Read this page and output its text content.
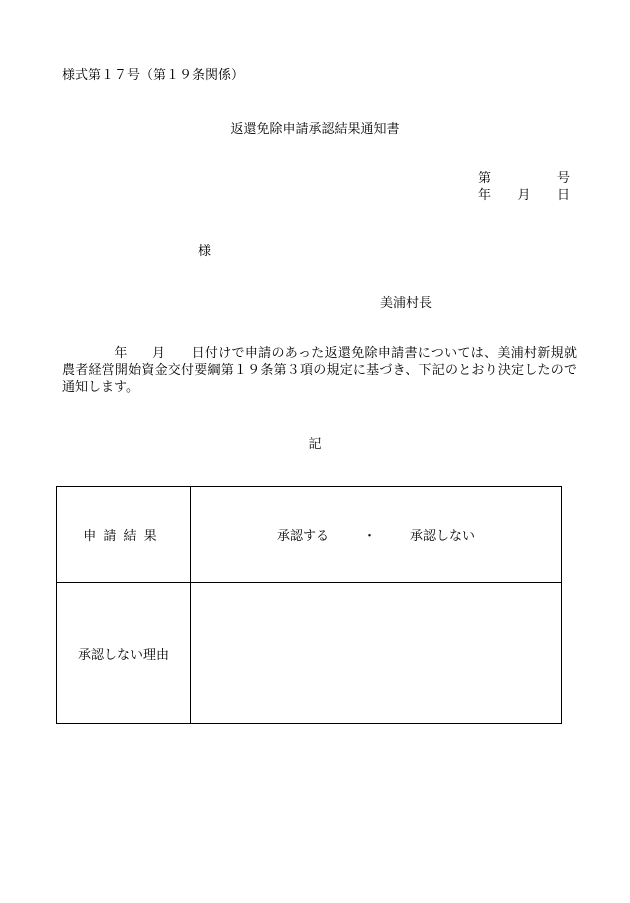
様式第１７号（第１９条関係）
返還免除申請承認結果通知書
第	号
年 月 日
様
美浦村長
年 月 日付けで申請のあった返還免除申請書については、美浦村新規就農者経営開始資金交付要綱第１９条第３項の規定に基づき、下記のとおり決定したので通知します。
記
申請結果	承認する ・ 承認しない
承認しない理由	
